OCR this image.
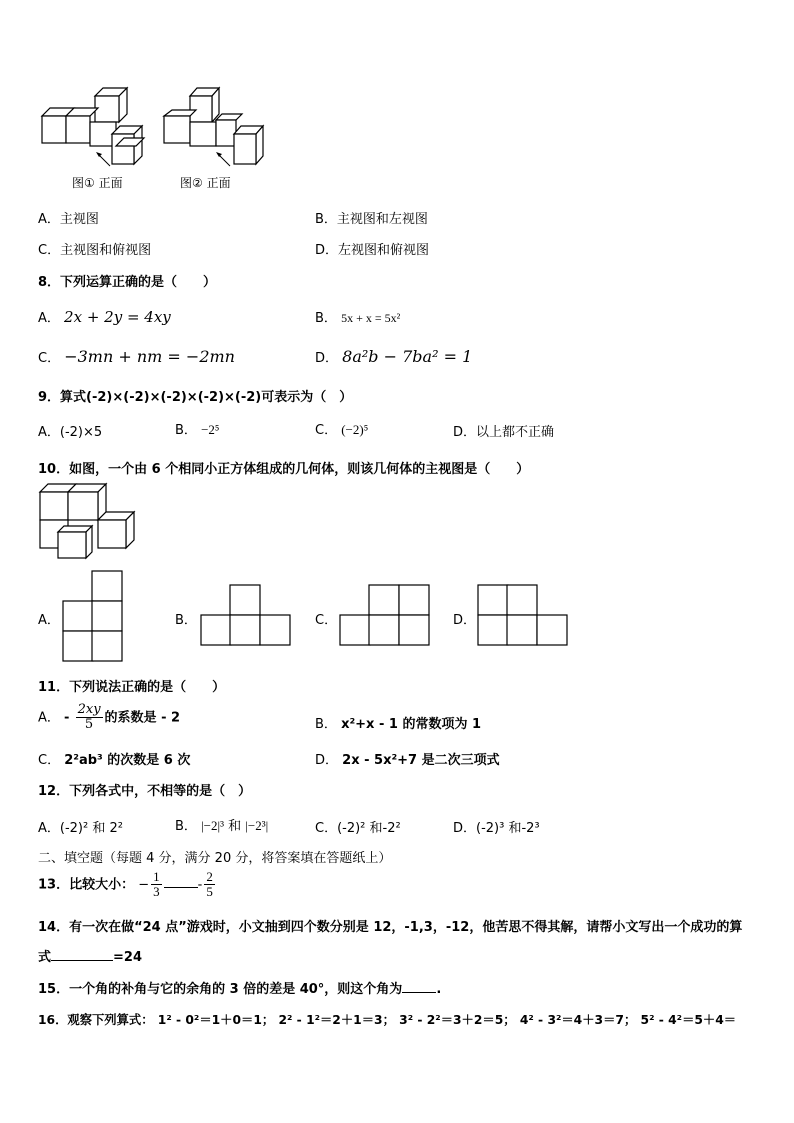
图① 正面	图② 正面
A．主视图	B．主视图和左视图
C．主视图和俯视图	D．左视图和俯视图
8．下列运算正确的是（　　）
A． 2x + 2y = 4xy	B． 5x + x = 5x²
C． −3mn + nm = −2mn	D． 8a²b − 7ba² = 1
9．算式(-2)×(-2)×(-2)×(-2)×(-2)可表示为（　）
A．(-2)×5	B． −2⁵	C． (−2)⁵	D．以上都不正确
10．如图，一个由 6 个相同小正方体组成的几何体，则该几何体的主视图是（　　）
A．	B．	C．	D．
11．下列说法正确的是（　　）
A． - $\frac{2xy}{5}$ 的系数是 - 2	B． x²+x - 1 的常数项为 1
C． 2²ab³ 的次数是 6 次	D． 2x - 5x²+7 是二次三项式
12．下列各式中，不相等的是（　）
A．(-2)² 和 2²	B． |−2|³ 和 |−2³|	C．(-2)² 和-2²	D．(-2)³ 和-2³
二、填空题（每题 4 分，满分 20 分，将答案填在答题纸上）
13．比较大小： − $\frac{1}{3}$	- $\frac{2}{5}$
14．有一次在做“24 点”游戏时，小文抽到四个数分别是 12，-1,3，-12，他苦思不得其解，请帮小文写出一个成功的算
式	=24
15．一个角的补角与它的余角的 3 倍的差是 40°，则这个角为	.
16．观察下列算式： 1² - 0²＝1＋0＝1； 2² - 1²＝2＋1＝3； 3² - 2²＝3＋2＝5； 4² - 3²＝4＋3＝7； 5² - 4²＝5＋4＝
